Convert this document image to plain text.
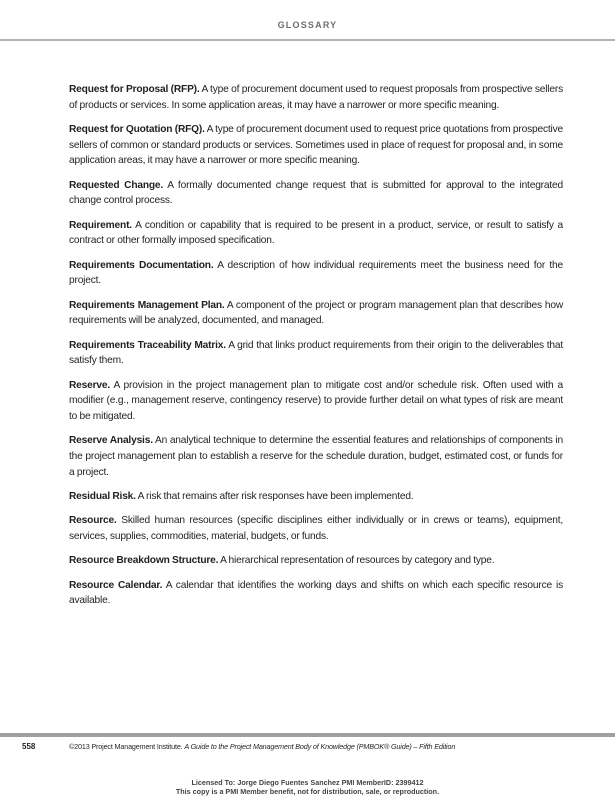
GLOSSARY

Request for Proposal (RFP). A type of procurement document used to request proposals from prospective sellers of products or services. In some application areas, it may have a narrower or more specific meaning.

Request for Quotation (RFQ). A type of procurement document used to request price quotations from prospective sellers of common or standard products or services. Sometimes used in place of request for proposal and, in some application areas, it may have a narrower or more specific meaning.

Requested Change. A formally documented change request that is submitted for approval to the integrated change control process.

Requirement. A condition or capability that is required to be present in a product, service, or result to satisfy a contract or other formally imposed specification.

Requirements Documentation. A description of how individual requirements meet the business need for the project.

Requirements Management Plan. A component of the project or program management plan that describes how requirements will be analyzed, documented, and managed.

Requirements Traceability Matrix. A grid that links product requirements from their origin to the deliverables that satisfy them.

Reserve. A provision in the project management plan to mitigate cost and/or schedule risk. Often used with a modifier (e.g., management reserve, contingency reserve) to provide further detail on what types of risk are meant to be mitigated.

Reserve Analysis. An analytical technique to determine the essential features and relationships of components in the project management plan to establish a reserve for the schedule duration, budget, estimated cost, or funds for a project.

Residual Risk. A risk that remains after risk responses have been implemented.

Resource. Skilled human resources (specific disciplines either individually or in crews or teams), equipment, services, supplies, commodities, material, budgets, or funds.

Resource Breakdown Structure. A hierarchical representation of resources by category and type.

Resource Calendar. A calendar that identifies the working days and shifts on which each specific resource is available.

558	©2013 Project Management Institute. A Guide to the Project Management Body of Knowledge (PMBOK® Guide) – Fifth Edition
Licensed To: Jorge Diego Fuentes Sanchez PMI MemberID: 2399412
This copy is a PMI Member benefit, not for distribution, sale, or reproduction.
